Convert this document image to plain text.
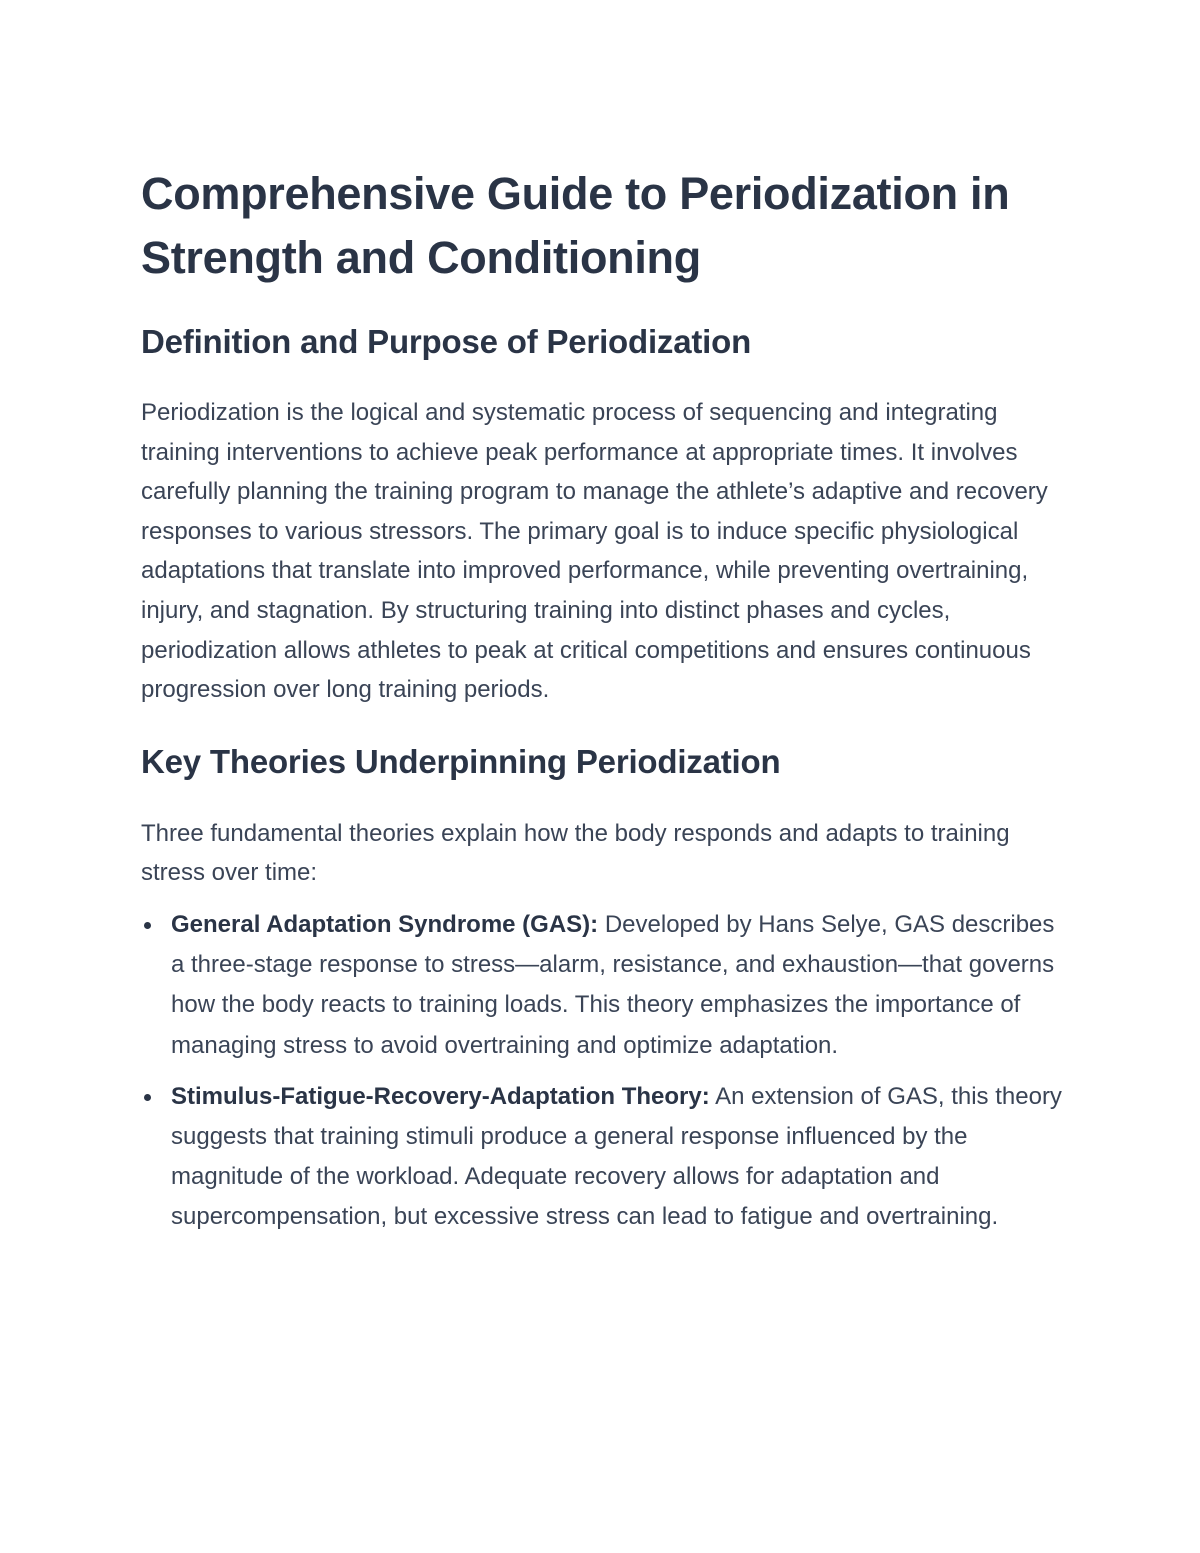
Comprehensive Guide to Periodization in Strength and Conditioning
Definition and Purpose of Periodization

Periodization is the logical and systematic process of sequencing and integrating training interventions to achieve peak performance at appropriate times. It involves carefully planning the training program to manage the athlete’s adaptive and recovery responses to various stressors. The primary goal is to induce specific physiological adaptations that translate into improved performance, while preventing overtraining, injury, and stagnation. By structuring training into distinct phases and cycles, periodization allows athletes to peak at critical competitions and ensures continuous progression over long training periods.

Key Theories Underpinning Periodization

Three fundamental theories explain how the body responds and adapts to training stress over time:

General Adaptation Syndrome (GAS): Developed by Hans Selye, GAS describes a three-stage response to stress—alarm, resistance, and exhaustion—that governs how the body reacts to training loads. This theory emphasizes the importance of managing stress to avoid overtraining and optimize adaptation.
Stimulus-Fatigue-Recovery-Adaptation Theory: An extension of GAS, this theory suggests that training stimuli produce a general response influenced by the magnitude of the workload. Adequate recovery allows for adaptation and supercompensation, but excessive stress can lead to fatigue and overtraining.
